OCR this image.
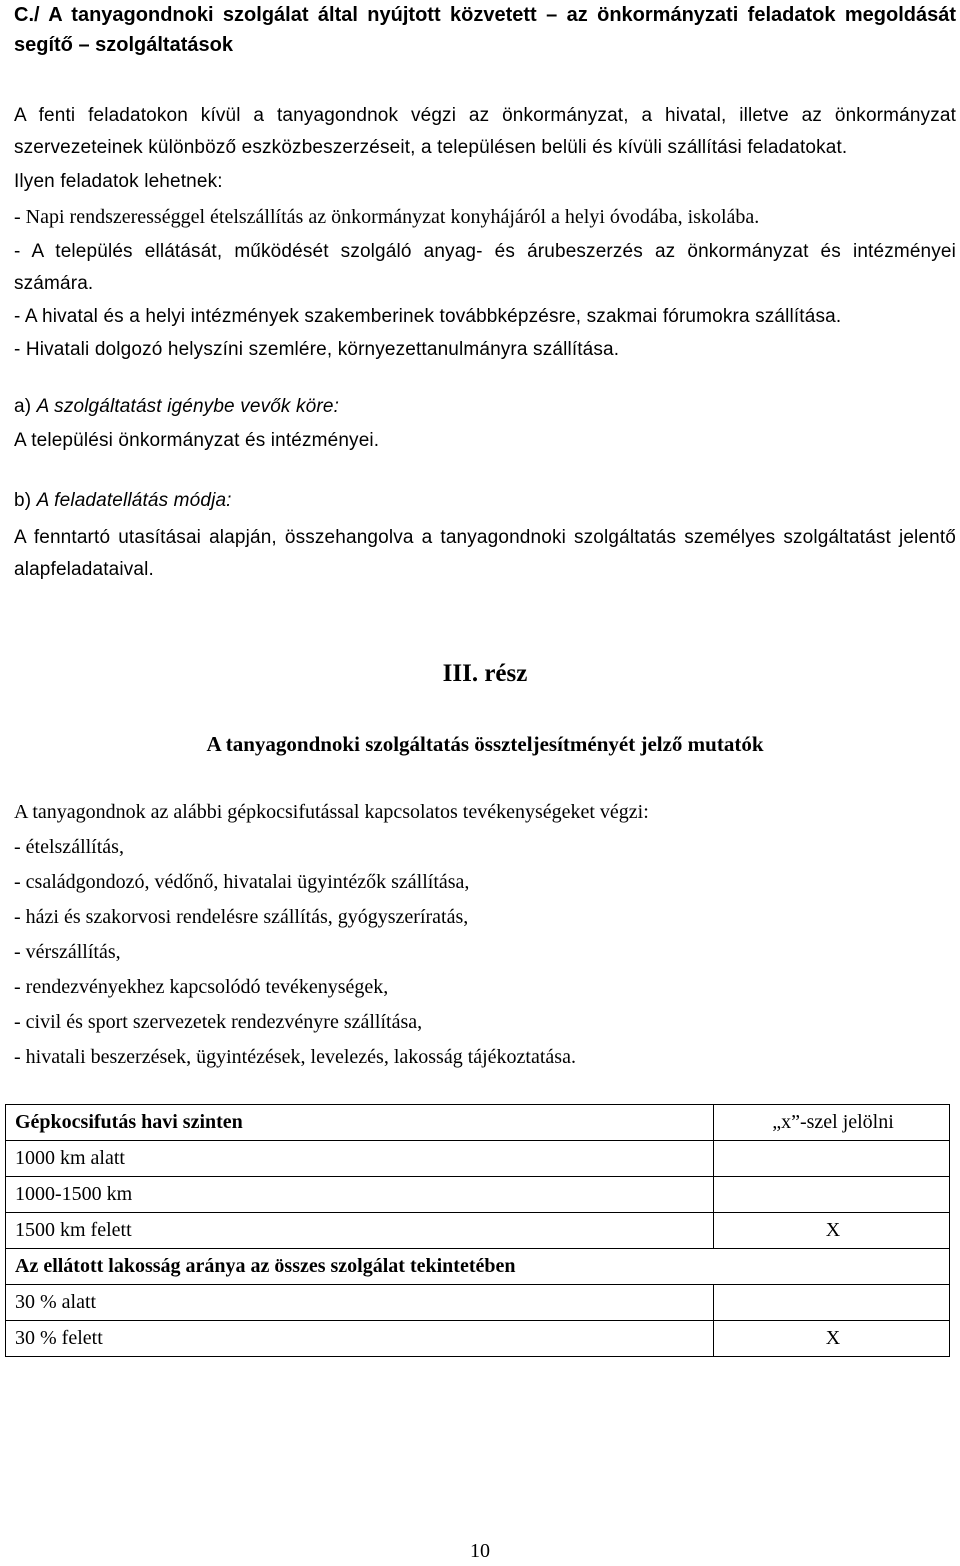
C./ A tanyagondnoki szolgálat által nyújtott közvetett – az önkormányzati feladatok megoldását segítő – szolgáltatások

A fenti feladatokon kívül a tanyagondnok végzi az önkormányzat, a hivatal, illetve az önkormányzat szervezeteinek különböző eszközbeszerzéseit, a településen belüli és kívüli szállítási feladatokat.

Ilyen feladatok lehetnek:

- Napi rendszerességgel ételszállítás az önkormányzat konyhájáról a helyi óvodába, iskolába.

- A település ellátását, működését szolgáló anyag- és árubeszerzés az önkormányzat és intézményei számára.

- A hivatal és a helyi intézmények szakemberinek továbbképzésre, szakmai fórumokra szállítása.

- Hivatali dolgozó helyszíni szemlére, környezettanulmányra szállítása.

a) A szolgáltatást igénybe vevők köre:

A települési önkormányzat és intézményei.

b) A feladatellátás módja:

A fenntartó utasításai alapján, összehangolva a tanyagondnoki szolgáltatás személyes szolgáltatást jelentő alapfeladataival.

III. rész

A tanyagondnoki szolgáltatás összteljesítményét jelző mutatók

A tanyagondnok az alábbi gépkocsifutással kapcsolatos tevékenységeket végzi:

- ételszállítás,
- családgondozó, védőnő, hivatalai ügyintézők szállítása,
- házi és szakorvosi rendelésre szállítás, gyógyszeríratás,
- vérszállítás,
- rendezvényekhez kapcsolódó tevékenységek,
- civil és sport szervezetek rendezvényre szállítása,
- hivatali beszerzések, ügyintézések, levelezés, lakosság tájékoztatása.
Gépkocsifutás havi szinten	„x”-szel jelölni
1000 km alatt	
1000-1500 km	
1500 km felett	X
Az ellátott lakosság aránya az összes szolgálat tekintetében	
30 % alatt	
30 % felett	X
10
